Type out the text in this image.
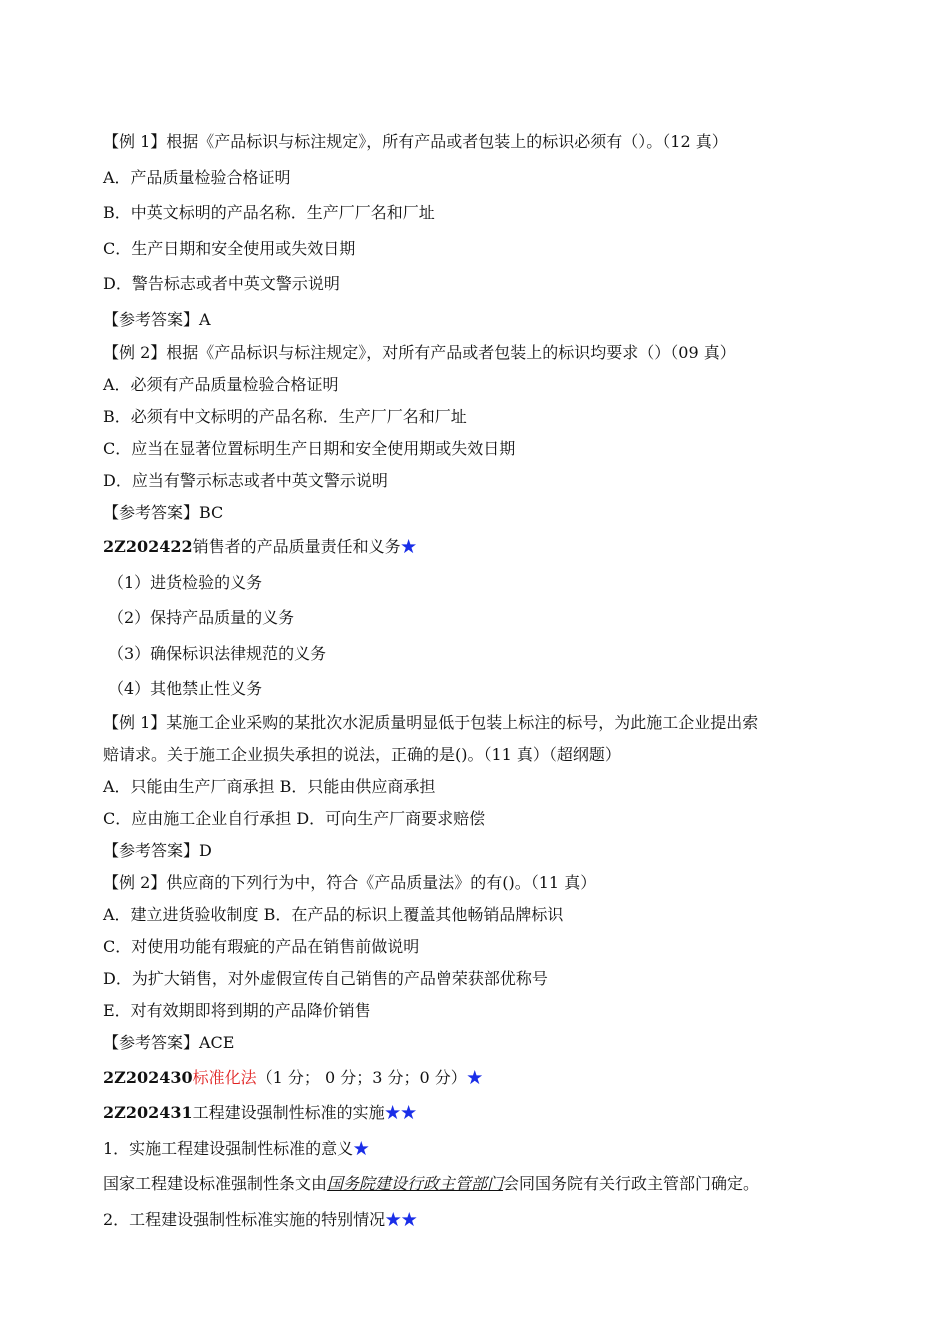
【例 1】根据《产品标识与标注规定》，所有产品或者包装上的标识必须有（）。（12 真）
A．产品质量检验合格证明
B．中英文标明的产品名称．生产厂厂名和厂址
C．生产日期和安全使用或失效日期
D．警告标志或者中英文警示说明
【参考答案】A
【例 2】根据《产品标识与标注规定》，对所有产品或者包装上的标识均要求（）（09 真）
A．必须有产品质量检验合格证明
B．必须有中文标明的产品名称．生产厂厂名和厂址
C．应当在显著位置标明生产日期和安全使用期或失效日期
D．应当有警示标志或者中英文警示说明
【参考答案】BC
2Z202422销售者的产品质量责任和义务★
（1）进货检验的义务
（2）保持产品质量的义务
（3）确保标识法律规范的义务
（4）其他禁止性义务
【例 1】某施工企业采购的某批次水泥质量明显低于包装上标注的标号，为此施工企业提出索
赔请求。关于施工企业损失承担的说法，正确的是()。（11 真）（超纲题）
A．只能由生产厂商承担 B．只能由供应商承担
C．应由施工企业自行承担 D．可向生产厂商要求赔偿
【参考答案】D
【例 2】供应商的下列行为中，符合《产品质量法》的有()。（11 真）
A．建立进货验收制度 B．在产品的标识上覆盖其他畅销品牌标识
C．对使用功能有瑕疵的产品在销售前做说明
D．为扩大销售，对外虚假宣传自己销售的产品曾荣获部优称号
E．对有效期即将到期的产品降价销售
【参考答案】ACE
2Z202430标准化法（1 分； 0 分；3 分；0 分）★
2Z202431工程建设强制性标准的实施★★
1．实施工程建设强制性标准的意义★
国家工程建设标准强制性条文由国务院建设行政主管部门会同国务院有关行政主管部门确定。
2．工程建设强制性标准实施的特别情况★★
